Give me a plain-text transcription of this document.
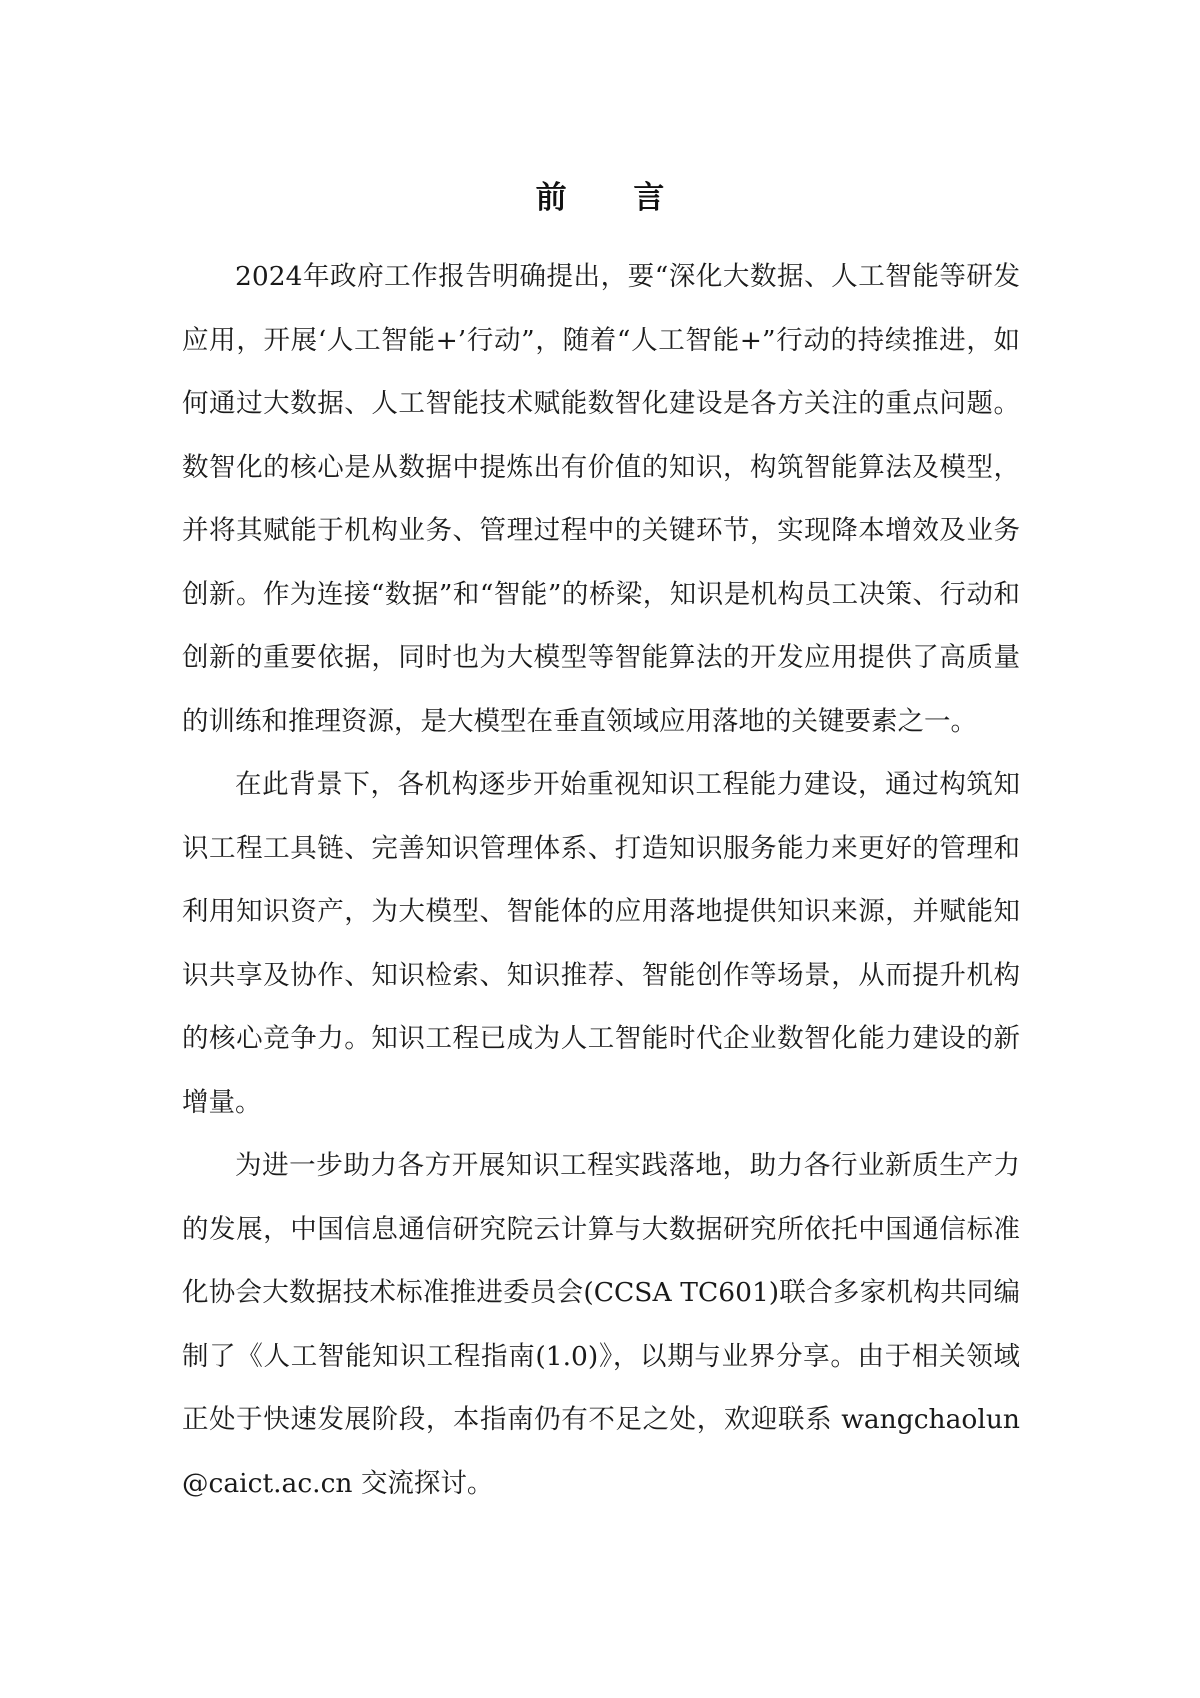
前 言

2024年政府工作报告明确提出，要“深化大数据、人工智能等研发应用，开展‘人工智能+’行动”，随着“人工智能+”行动的持续推进，如何通过大数据、人工智能技术赋能数智化建设是各方关注的重点问题。数智化的核心是从数据中提炼出有价值的知识，构筑智能算法及模型，并将其赋能于机构业务、管理过程中的关键环节，实现降本增效及业务创新。作为连接“数据”和“智能”的桥梁，知识是机构员工决策、行动和创新的重要依据，同时也为大模型等智能算法的开发应用提供了高质量的训练和推理资源，是大模型在垂直领域应用落地的关键要素之一。

在此背景下，各机构逐步开始重视知识工程能力建设，通过构筑知识工程工具链、完善知识管理体系、打造知识服务能力来更好的管理和利用知识资产，为大模型、智能体的应用落地提供知识来源，并赋能知识共享及协作、知识检索、知识推荐、智能创作等场景，从而提升机构的核心竞争力。知识工程已成为人工智能时代企业数智化能力建设的新增量。

为进一步助力各方开展知识工程实践落地，助力各行业新质生产力的发展，中国信息通信研究院云计算与大数据研究所依托中国通信标准化协会大数据技术标准推进委员会(CCSA TC601)联合多家机构共同编制了《人工智能知识工程指南(1.0)》，以期与业界分享。由于相关领域正处于快速发展阶段，本指南仍有不足之处，欢迎联系 wangchaolun@caict.ac.cn 交流探讨。
